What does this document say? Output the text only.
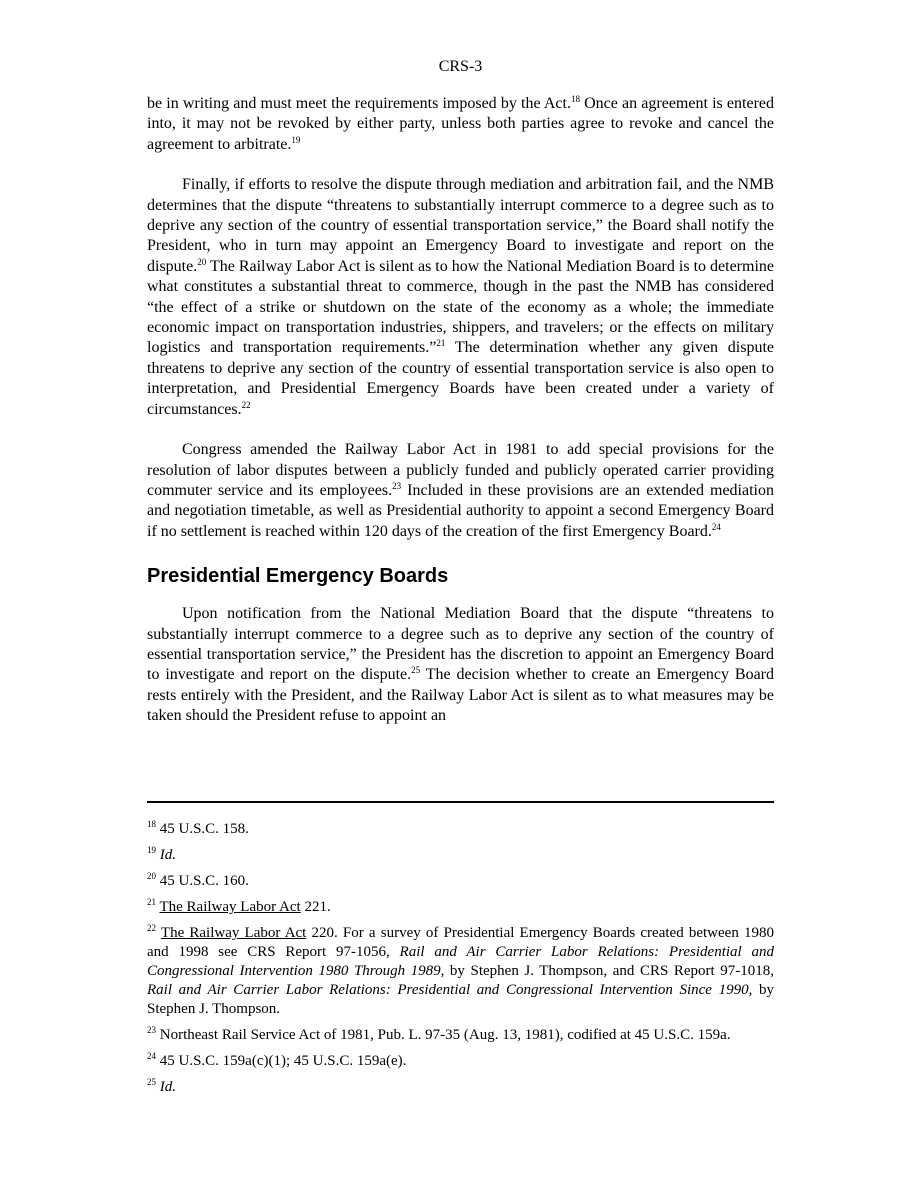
CRS-3

be in writing and must meet the requirements imposed by the Act.$^{18}$ Once an agreement is entered into, it may not be revoked by either party, unless both parties agree to revoke and cancel the agreement to arbitrate.$^{19}$

Finally, if efforts to resolve the dispute through mediation and arbitration fail, and the NMB determines that the dispute “threatens to substantially interrupt commerce to a degree such as to deprive any section of the country of essential transportation service,” the Board shall notify the President, who in turn may appoint an Emergency Board to investigate and report on the dispute.$^{20}$ The Railway Labor Act is silent as to how the National Mediation Board is to determine what constitutes a substantial threat to commerce, though in the past the NMB has considered “the effect of a strike or shutdown on the state of the economy as a whole; the immediate economic impact on transportation industries, shippers, and travelers; or the effects on military logistics and transportation requirements.”$^{21}$ The determination whether any given dispute threatens to deprive any section of the country of essential transportation service is also open to interpretation, and Presidential Emergency Boards have been created under a variety of circumstances.$^{22}$

Congress amended the Railway Labor Act in 1981 to add special provisions for the resolution of labor disputes between a publicly funded and publicly operated carrier providing commuter service and its employees.$^{23}$ Included in these provisions are an extended mediation and negotiation timetable, as well as Presidential authority to appoint a second Emergency Board if no settlement is reached within 120 days of the creation of the first Emergency Board.$^{24}$

Presidential Emergency Boards

Upon notification from the National Mediation Board that the dispute “threatens to substantially interrupt commerce to a degree such as to deprive any section of the country of essential transportation service,” the President has the discretion to appoint an Emergency Board to investigate and report on the dispute.$^{25}$ The decision whether to create an Emergency Board rests entirely with the President, and the Railway Labor Act is silent as to what measures may be taken should the President refuse to appoint an

$^{18}$ 45 U.S.C. 158.

$^{19}$ Id.

$^{20}$ 45 U.S.C. 160.

$^{21}$ The Railway Labor Act 221.

$^{22}$ The Railway Labor Act 220. For a survey of Presidential Emergency Boards created between 1980 and 1998 see CRS Report 97-1056, Rail and Air Carrier Labor Relations: Presidential and Congressional Intervention 1980 Through 1989, by Stephen J. Thompson, and CRS Report 97-1018, Rail and Air Carrier Labor Relations: Presidential and Congressional Intervention Since 1990, by Stephen J. Thompson.

$^{23}$ Northeast Rail Service Act of 1981, Pub. L. 97-35 (Aug. 13, 1981), codified at 45 U.S.C. 159a.

$^{24}$ 45 U.S.C. 159a(c)(1); 45 U.S.C. 159a(e).

$^{25}$ Id.
